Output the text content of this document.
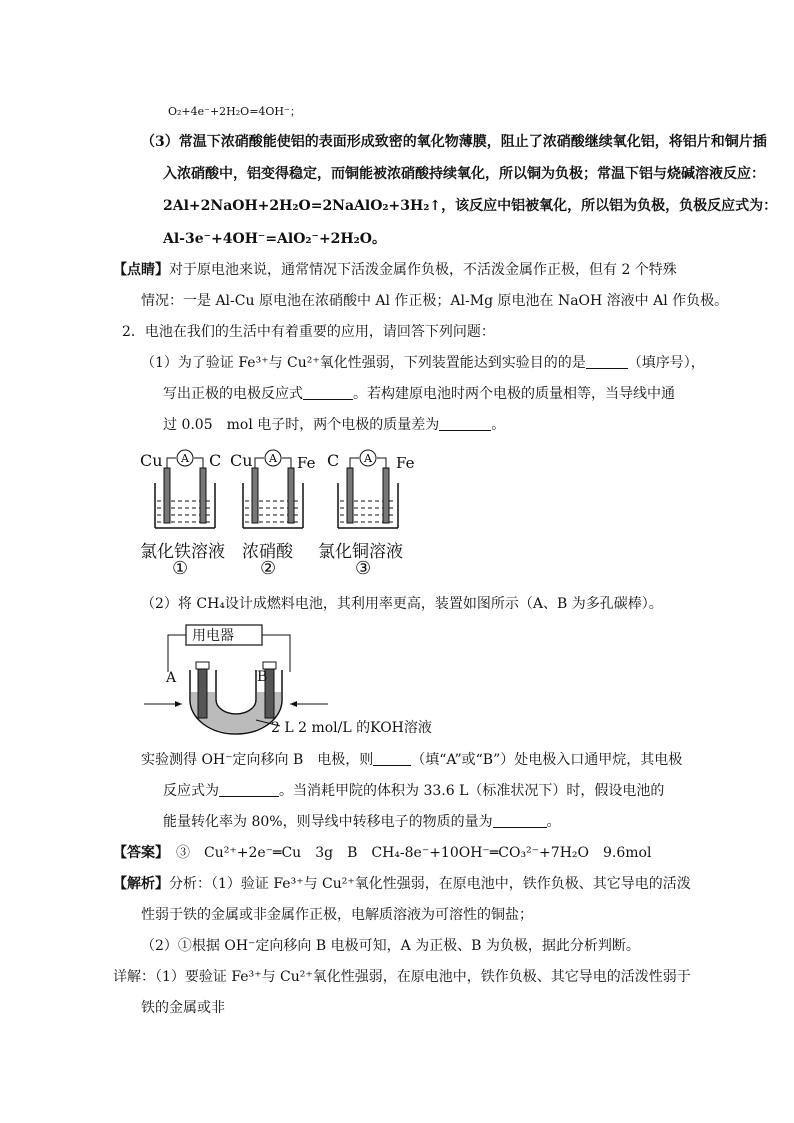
O₂+4e⁻+2H₂O=4OH⁻；
（3）常温下浓硝酸能使铝的表面形成致密的氧化物薄膜，阻止了浓硝酸继续氧化铝，将铝片和铜片插
入浓硝酸中，铝变得稳定，而铜能被浓硝酸持续氧化，所以铜为负极；常温下铝与烧碱溶液反应：
2Al+2NaOH+2H₂O=2NaAlO₂+3H₂↑，该反应中铝被氧化，所以铝为负极，负极反应式为：
Al-3e⁻+4OH⁻=AlO₂⁻+2H₂O。
【点睛】对于原电池来说，通常情况下活泼金属作负极，不活泼金属作正极，但有 2 个特殊
情况：一是 Al-Cu 原电池在浓硝酸中 Al 作正极；Al-Mg 原电池在 NaOH 溶液中 Al 作负极。
2．电池在我们的生活中有着重要的应用，请回答下列问题：
（1）为了验证 Fe³⁺与 Cu²⁺氧化性强弱，下列装置能达到实验目的的是	（填序号），
写出正极的电极反应式	。若构建原电池时两个电极的质量相等，当导线中通
过 0.05　mol 电子时，两个电极的质量差为	。
A
Cu	C
氯化铁溶液
①
A
Cu	Fe
浓硝酸
②
A
C	Fe
氯化铜溶液
③
（2）将 CH₄设计成燃料电池，其利用率更高，装置如图所示（A、B 为多孔碳棒）。
用电器
A	B
2 L 2 mol/L 的KOH溶液
实验测得 OH⁻定向移向 B　电极，则	（填“A”或“B”）处电极入口通甲烷，其电极
反应式为	。当消耗甲院的体积为 33.6 L（标准状况下）时，假设电池的
能量转化率为 80%，则导线中转移电子的物质的量为	。
【答案】　 ③　Cu²⁺+2e⁻═Cu　3g　B　CH₄-8e⁻+10OH⁻═CO₃²⁻+7H₂O　9.6mol
【解析】分析：（1）验证 Fe³⁺与 Cu²⁺氧化性强弱，在原电池中，铁作负极、其它导电的活泼
性弱于铁的金属或非金属作正极，电解质溶液为可溶性的铜盐；
（2）①根据 OH⁻定向移向 B 电极可知，A 为正极、B 为负极，据此分析判断。
详解：（1）要验证 Fe³⁺与 Cu²⁺氧化性强弱，在原电池中，铁作负极、其它导电的活泼性弱于
铁的金属或非
